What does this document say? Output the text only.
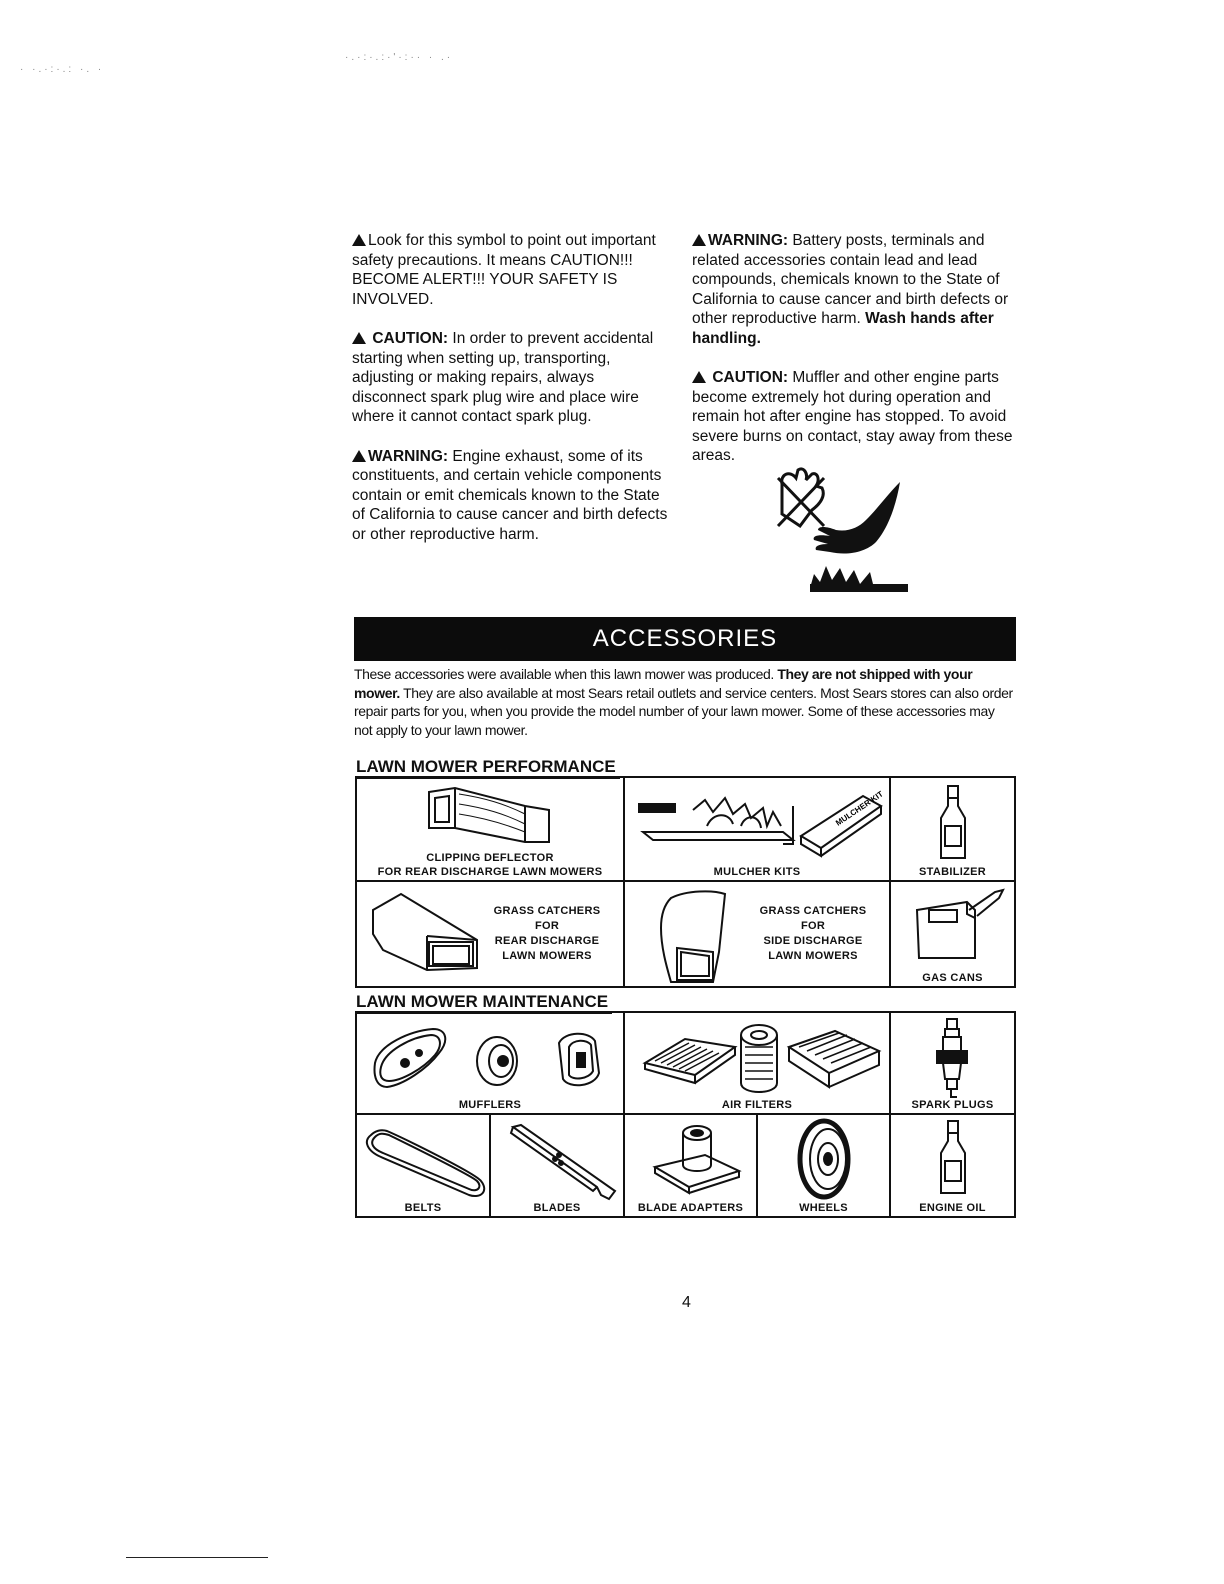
· ·.·:·.: ·. ·
·.·:·.:·'·:·· · .·

Look for this symbol to point out important safety precautions. It means CAUTION!!! BECOME ALERT!!! YOUR SAFETY IS INVOLVED.

CAUTION: In order to prevent accidental starting when setting up, transporting, adjusting or making repairs, always disconnect spark plug wire and place wire where it cannot contact spark plug.

WARNING: Engine exhaust, some of its constituents, and certain vehicle components contain or emit chemicals known to the State of California to cause cancer and birth defects or other reproductive harm.

WARNING: Battery posts, terminals and related accessories contain lead and lead compounds, chemicals known to the State of California to cause cancer and birth defects or other reproductive harm. Wash hands after handling.

CAUTION: Muffler and other engine parts become extremely hot during operation and remain hot after engine has stopped. To avoid severe burns on contact, stay away from these areas.

ACCESSORIES
These accessories were available when this lawn mower was produced. They are not shipped with your mower. They are also available at most Sears retail outlets and service centers. Most Sears stores can also order repair parts for you, when you provide the model number of your lawn mower. Some of these accessories may not apply to your lawn mower.
LAWN MOWER PERFORMANCE
CLIPPING DEFLECTOR
FOR REAR DISCHARGE LAWN MOWERS
MULCHER KIT
MULCHER KITS	STABILIZER
GRASS CATCHERS
FOR
REAR DISCHARGE
LAWN MOWERS
GRASS CATCHERS
FOR
SIDE DISCHARGE
LAWN MOWERS
GAS CANS
LAWN MOWER MAINTENANCE
MUFFLERS	AIR FILTERS	SPARK PLUGS
BELTS	BLADES	BLADE ADAPTERS	WHEELS	ENGINE OIL
4
